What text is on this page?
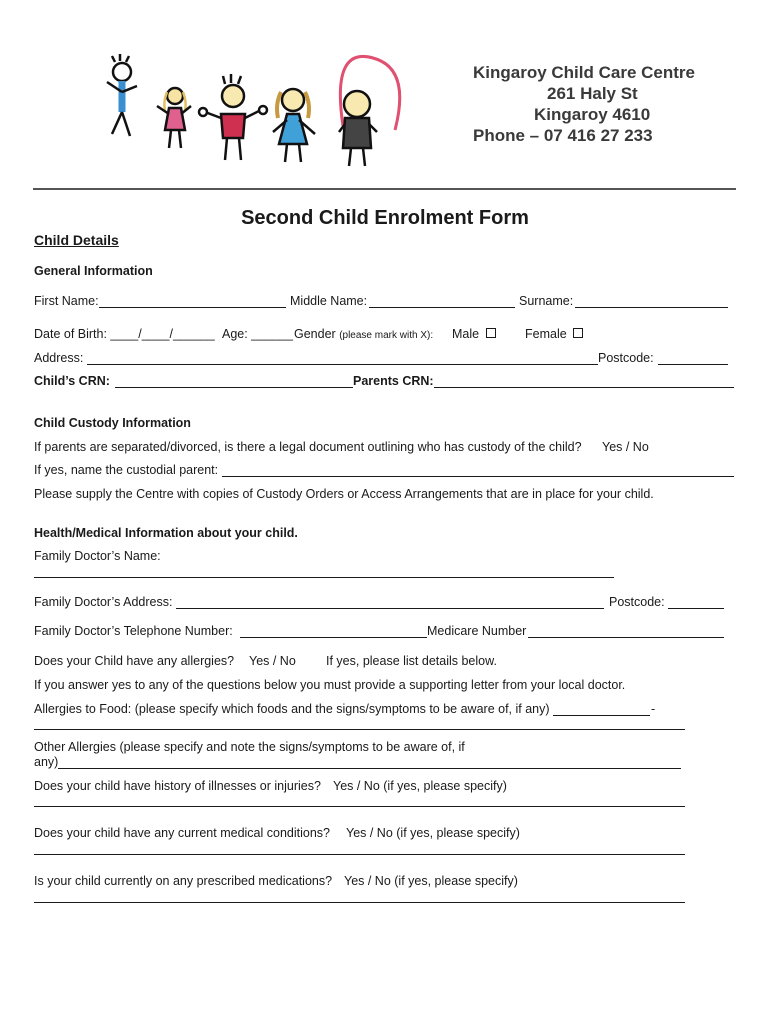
Kingaroy Child Care Centre
261 Haly St
Kingaroy 4610
Phone – 07 416 27 233
Second Child Enrolment Form
Child Details
General Information
First Name:	Middle Name:	Surname:
Date of Birth: ____/____/______ Age: ______ Gender (please mark with X): Male	Female
Address:	Postcode:
Child’s CRN:	Parents CRN:
Child Custody Information
If parents are separated/divorced, is there a legal document outlining who has custody of the child? Yes / No
If yes, name the custodial parent:
Please supply the Centre with copies of Custody Orders or Access Arrangements that are in place for your child.
Health/Medical Information about your child.
Family Doctor’s Name:
Family Doctor’s Address:	Postcode:
Family Doctor’s Telephone Number:	Medicare Number
Does your Child have any allergies? Yes / No If yes, please list details below.
If you answer yes to any of the questions below you must provide a supporting letter from your local doctor.
Allergies to Food: (please specify which foods and the signs/symptoms to be aware of, if any)	-
Other Allergies (please specify and note the signs/symptoms to be aware of, if
any)
Does your child have history of illnesses or injuries? Yes / No (if yes, please specify)
Does your child have any current medical conditions? Yes / No (if yes, please specify)
Is your child currently on any prescribed medications? Yes / No (if yes, please specify)
